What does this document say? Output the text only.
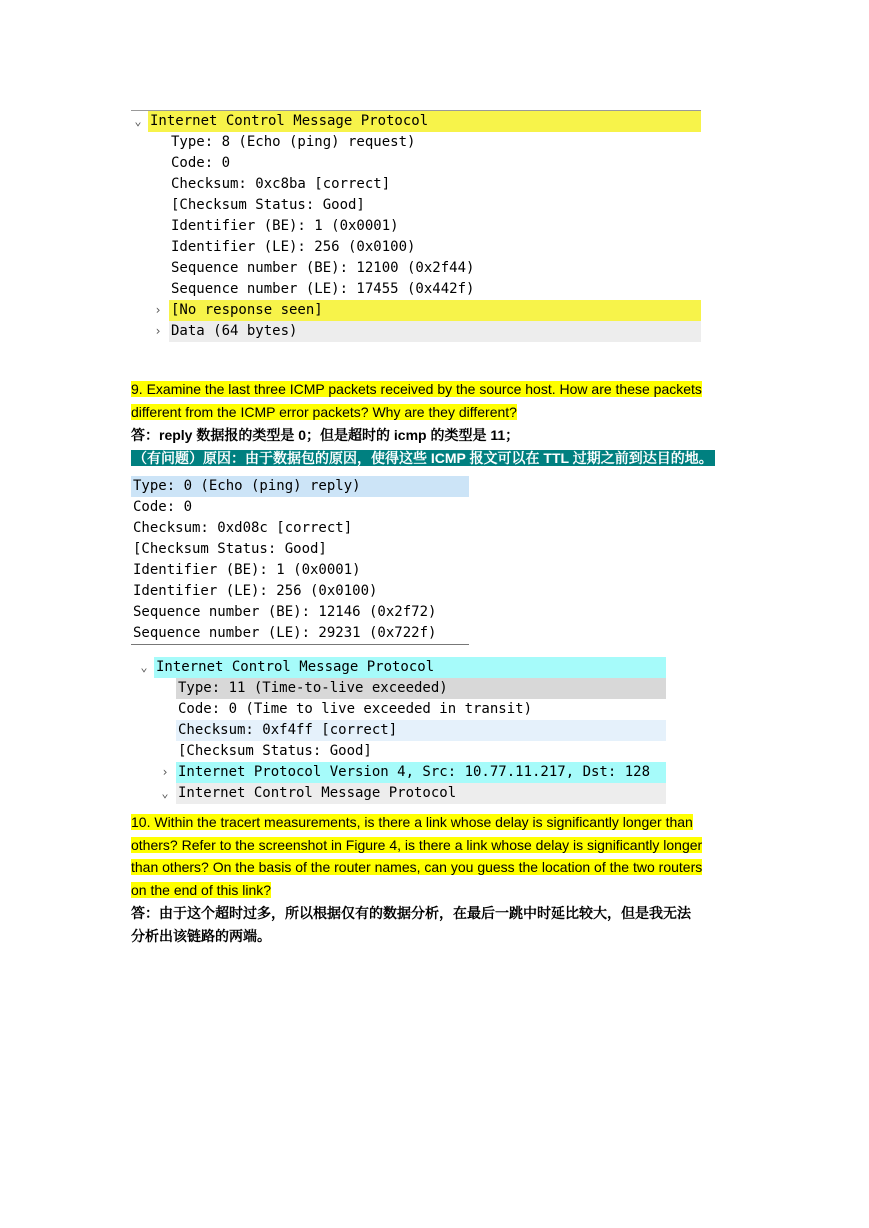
⌄ Internet Control Message Protocol
Type: 8 (Echo (ping) request)
Code: 0
Checksum: 0xc8ba [correct]
[Checksum Status: Good]
Identifier (BE): 1 (0x0001)
Identifier (LE): 256 (0x0100)
Sequence number (BE): 12100 (0x2f44)
Sequence number (LE): 17455 (0x442f)
› [No response seen]
› Data (64 bytes)
9. Examine the last three ICMP packets received by the source host. How are these packets
different from the ICMP error packets? Why are they different?
答：reply 数据报的类型是 0；但是超时的 icmp 的类型是 11；
（有问题）原因：由于数据包的原因，使得这些 ICMP 报文可以在 TTL 过期之前到达目的地。
Type: 0 (Echo (ping) reply)
Code: 0
Checksum: 0xd08c [correct]
[Checksum Status: Good]
Identifier (BE): 1 (0x0001)
Identifier (LE): 256 (0x0100)
Sequence number (BE): 12146 (0x2f72)
Sequence number (LE): 29231 (0x722f)
⌄ Internet Control Message Protocol
Type: 11 (Time-to-live exceeded)
Code: 0 (Time to live exceeded in transit)
Checksum: 0xf4ff [correct]
[Checksum Status: Good]
› Internet Protocol Version 4, Src: 10.77.11.217, Dst: 128
⌄ Internet Control Message Protocol
10. Within the tracert measurements, is there a link whose delay is significantly longer than
others? Refer to the screenshot in Figure 4, is there a link whose delay is significantly longer
than others? On the basis of the router names, can you guess the location of the two routers
on the end of this link?
答：由于这个超时过多，所以根据仅有的数据分析，在最后一跳中时延比较大，但是我无法
分析出该链路的两端。
